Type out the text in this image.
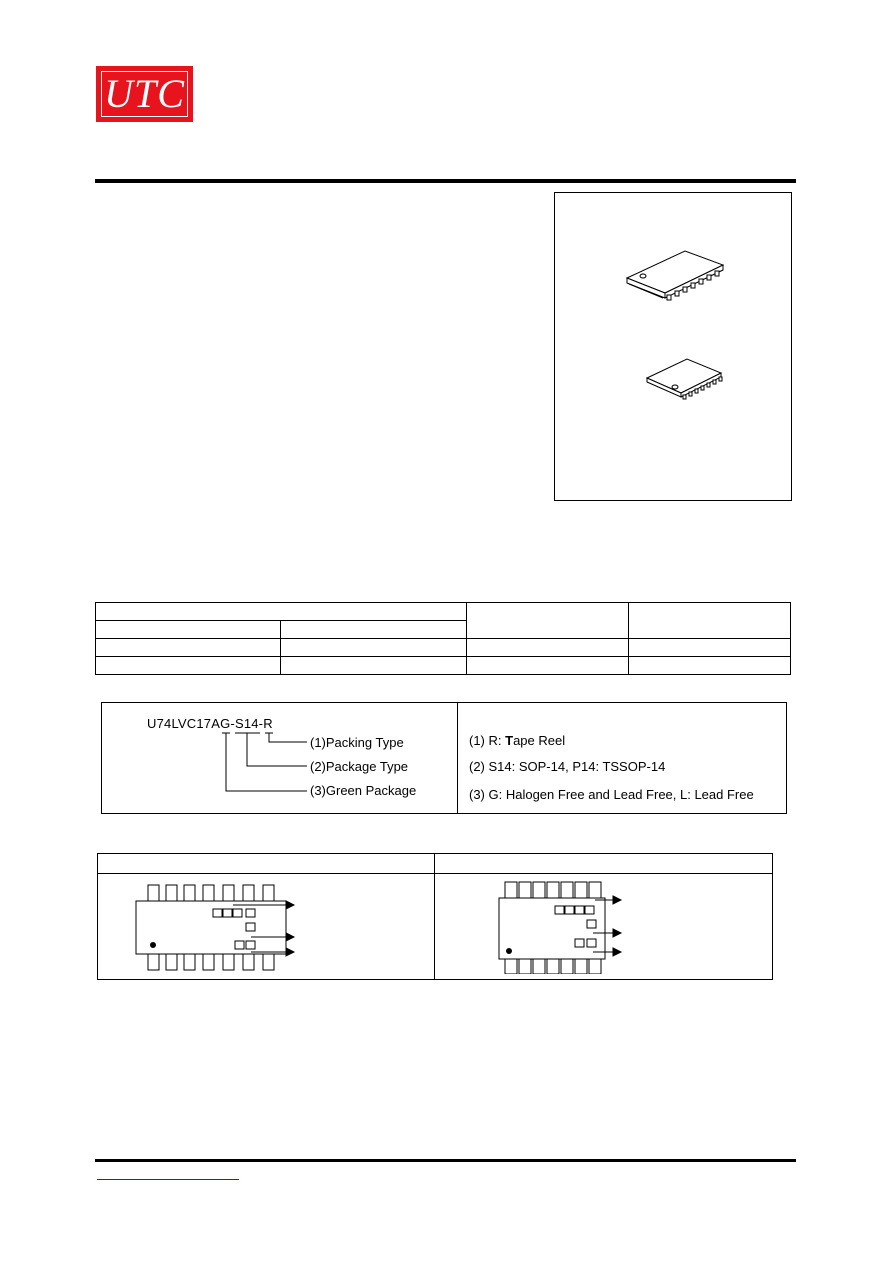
UTC

U74LVC17AG-S14-R
(1)Packing Type
(2)Package Type
(3)Green Package
(1) R: Tape Reel
(2) S14: SOP-14, P14: TSSOP-14
(3) G: Halogen Free and Lead Free, L: Lead Free
